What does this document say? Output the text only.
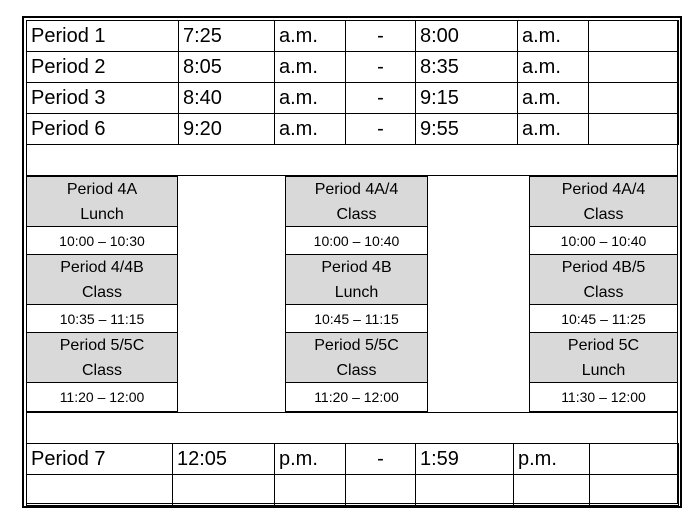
Period 1	7:25	a.m.	-	8:00	a.m.	
Period 2	8:05	a.m.	-	8:35	a.m.	
Period 3	8:40	a.m.	-	9:15	a.m.	
Period 6	9:20	a.m.	-	9:55	a.m.	
Period 4A
Lunch
10:00 – 10:30
Period 4/4B
Class
10:35 – 11:15
Period 5/5C
Class
11:20 – 12:00
Period 4A/4
Class
10:00 – 10:40
Period 4B
Lunch
10:45 – 11:15
Period 5/5C
Class
11:20 – 12:00
Period 4A/4
Class
10:00 – 10:40
Period 4B/5
Class
10:45 – 11:25
Period 5C
Lunch
11:30 – 12:00
Period 7	12:05	p.m.	-	1:59	p.m.	
